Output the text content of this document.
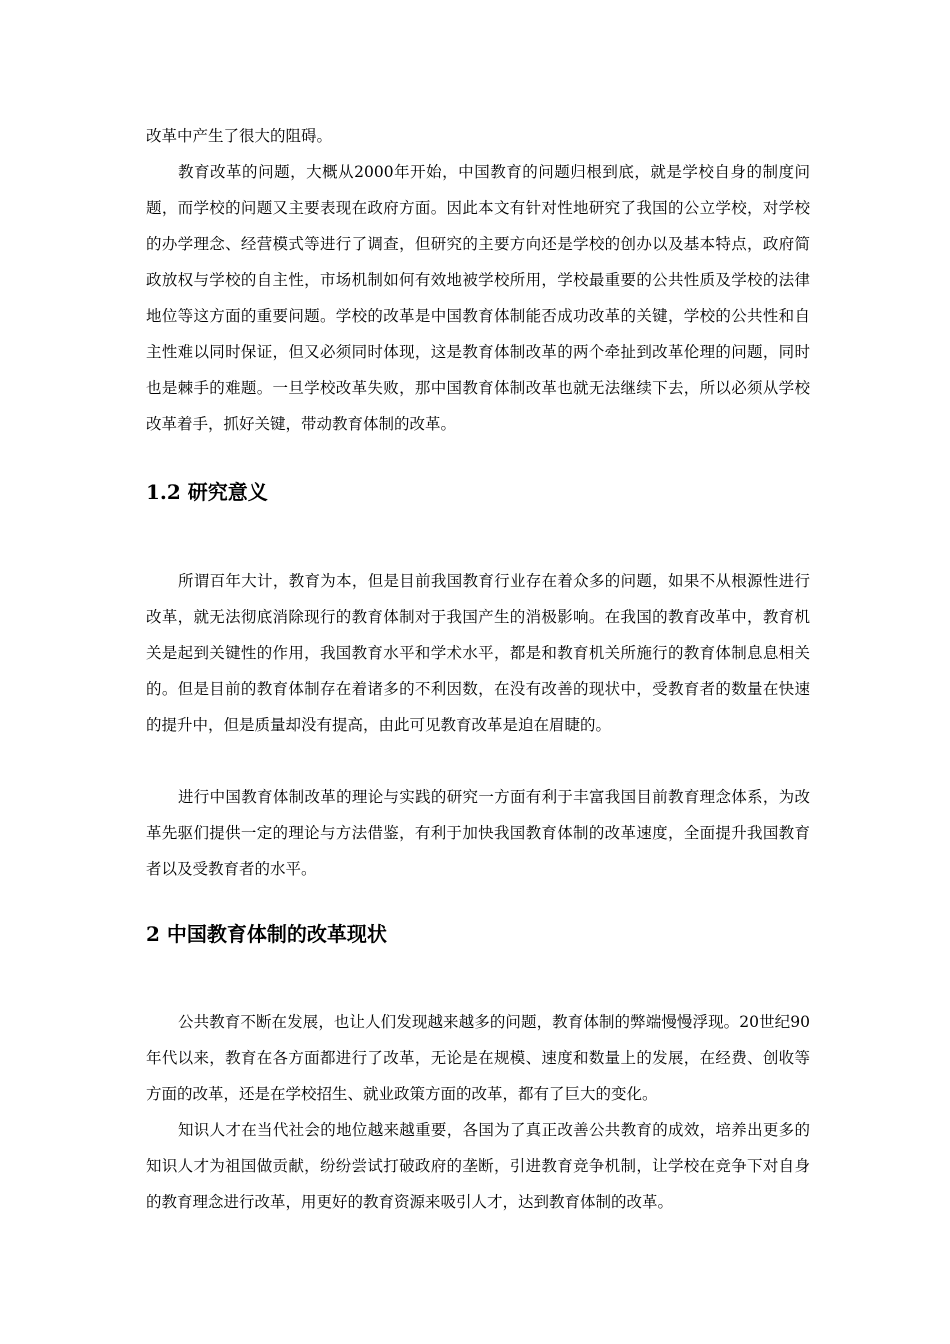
改革中产生了很大的阻碍。

教育改革的问题，大概从2000年开始，中国教育的问题归根到底，就是学校自身的制度问题，而学校的问题又主要表现在政府方面。因此本文有针对性地研究了我国的公立学校，对学校的办学理念、经营模式等进行了调查，但研究的主要方向还是学校的创办以及基本特点，政府简政放权与学校的自主性，市场机制如何有效地被学校所用，学校最重要的公共性质及学校的法律地位等这方面的重要问题。学校的改革是中国教育体制能否成功改革的关键，学校的公共性和自主性难以同时保证，但又必须同时体现，这是教育体制改革的两个牵扯到改革伦理的问题，同时也是棘手的难题。一旦学校改革失败，那中国教育体制改革也就无法继续下去，所以必须从学校改革着手，抓好关键，带动教育体制的改革。

1.2 研究意义

所谓百年大计，教育为本，但是目前我国教育行业存在着众多的问题，如果不从根源性进行改革，就无法彻底消除现行的教育体制对于我国产生的消极影响。在我国的教育改革中，教育机关是起到关键性的作用，我国教育水平和学术水平，都是和教育机关所施行的教育体制息息相关的。但是目前的教育体制存在着诸多的不利因数，在没有改善的现状中，受教育者的数量在快速的提升中，但是质量却没有提高，由此可见教育改革是迫在眉睫的。

进行中国教育体制改革的理论与实践的研究一方面有利于丰富我国目前教育理念体系，为改革先驱们提供一定的理论与方法借鉴，有利于加快我国教育体制的改革速度，全面提升我国教育者以及受教育者的水平。

2 中国教育体制的改革现状

公共教育不断在发展，也让人们发现越来越多的问题，教育体制的弊端慢慢浮现。20世纪90年代以来，教育在各方面都进行了改革，无论是在规模、速度和数量上的发展，在经费、创收等方面的改革，还是在学校招生、就业政策方面的改革，都有了巨大的变化。

知识人才在当代社会的地位越来越重要，各国为了真正改善公共教育的成效，培养出更多的知识人才为祖国做贡献，纷纷尝试打破政府的垄断，引进教育竞争机制，让学校在竞争下对自身的教育理念进行改革，用更好的教育资源来吸引人才，达到教育体制的改革。
